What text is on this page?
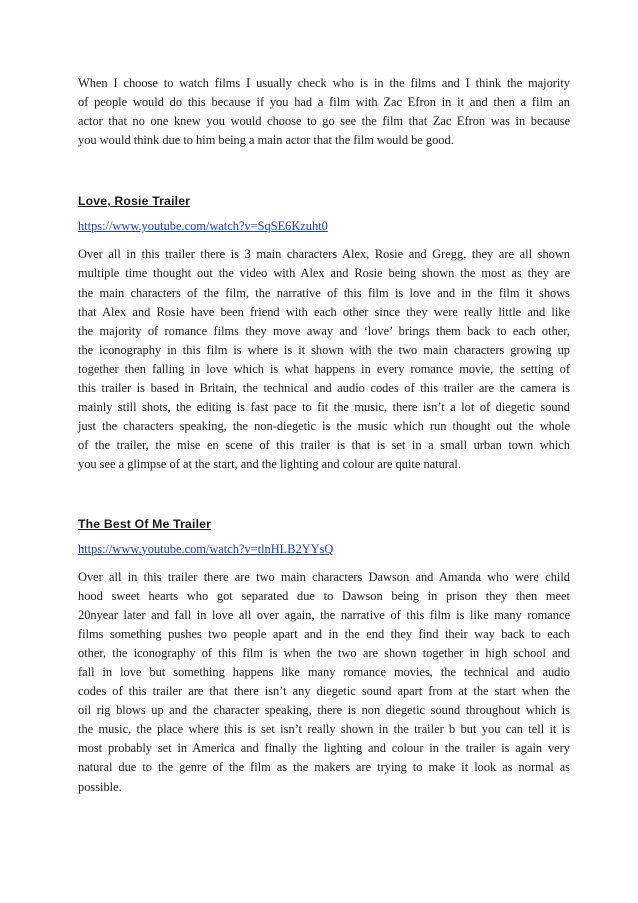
When I choose to watch films I usually check who is in the films and I think the majority
of people would do this because if you had a film with Zac Efron in it and then a film an
actor that no one knew you would choose to go see the film that Zac Efron was in because
you would think due to him being a main actor that the film would be good.
Love, Rosie Trailer
https://www.youtube.com/watch?v=SqSE6Kzuht0
Over all in this trailer there is 3 main characters Alex, Rosie and Gregg, they are all shown
multiple time thought out the video with Alex and Rosie being shown the most as they are
the main characters of the film, the narrative of this film is love and in the film it shows
that Alex and Rosie have been friend with each other since they were really little and like
the majority of romance films they move away and ‘love’ brings them back to each other,
the iconography in this film is where is it shown with the two main characters growing up
together then falling in love which is what happens in every romance movie, the setting of
this trailer is based in Britain, the technical and audio codes of this trailer are the camera is
mainly still shots, the editing is fast pace to fit the music, there isn’t a lot of diegetic sound
just the characters speaking, the non-diegetic is the music which run thought out the whole
of the trailer, the mise en scene of this trailer is that is set in a small urban town which
you see a glimpse of at the start, and the lighting and colour are quite natural.
The Best Of Me Trailer
https://www.youtube.com/watch?v=tlnHLB2YYsQ
Over all in this trailer there are two main characters Dawson and Amanda who were child
hood sweet hearts who got separated due to Dawson being in prison they then meet
20nyear later and fall in love all over again, the narrative of this film is like many romance
films something pushes two people apart and in the end they find their way back to each
other, the iconography of this film is when the two are shown together in high school and
fall in love but something happens like many romance movies, the technical and audio
codes of this trailer are that there isn’t any diegetic sound apart from at the start when the
oil rig blows up and the character speaking, there is non diegetic sound throughout which is
the music, the place where this is set isn’t really shown in the trailer b but you can tell it is
most probably set in America and finally the lighting and colour in the trailer is again very
natural due to the genre of the film as the makers are trying to make it look as normal as
possible.
